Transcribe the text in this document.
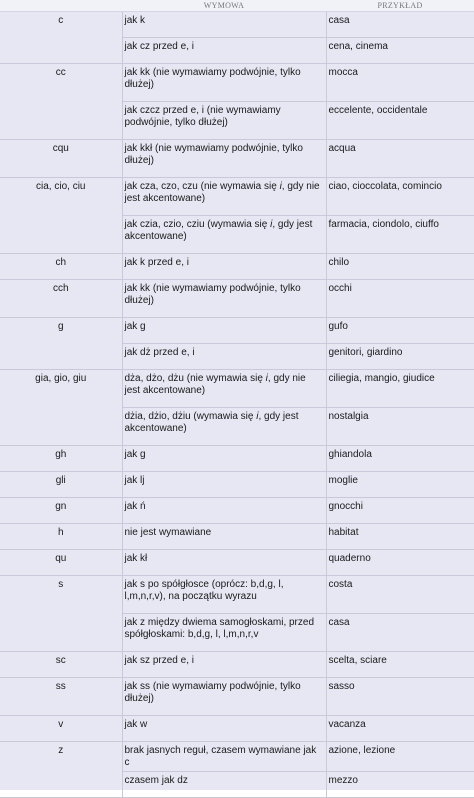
	WYMOWA	PRZYKŁAD
c	jak k	casa
	jak cz przed e, i	cena, cinema
cc	jak kk (nie wymawiamy podwójnie, tylko dłużej)	mocca
	jak czcz przed e, i (nie wymawiamy podwójnie, tylko dłużej)	eccelente, occidentale
cqu	jak kkł (nie wymawiamy podwójnie, tylko dłużej)	acqua
cia, cio, ciu	jak cza, czo, czu (nie wymawia się i, gdy nie jest akcentowane)	ciao, cioccolata, comincio
	jak czia, czio, cziu (wymawia się i, gdy jest akcentowane)	farmacia, ciondolo, ciuffo
ch	jak k przed e, i	chilo
cch	jak kk (nie wymawiamy podwójnie, tylko dłużej)	occhi
g	jak g	gufo
	jak dż przed e, i	genitori, giardino
gia, gio, giu	dża, dżo, dżu (nie wymawia się i, gdy nie jest akcentowane)	ciliegia, mangio, giudice
	dżia, dżio, dżiu (wymawia się i, gdy jest akcentowane)	nostalgia
gh	jak g	ghiandola
gli	jak lj	moglie
gn	jak ń	gnocchi
h	nie jest wymawiane	habitat
qu	jak kł	quaderno
s	jak s po spółgłosce (oprócz: b,d,g, l, l,m,n,r,v), na początku wyrazu	costa
	jak z między dwiema samogłoskami, przed spółgłoskami: b,d,g, l, l,m,n,r,v	casa
sc	jak sz przed e, i	scelta, sciare
ss	jak ss (nie wymawiamy podwójnie, tylko dłużej)	sasso
v	jak w	vacanza
z	brak jasnych reguł, czasem wymawiane jak c	azione, lezione
	czasem jak dz	mezzo
